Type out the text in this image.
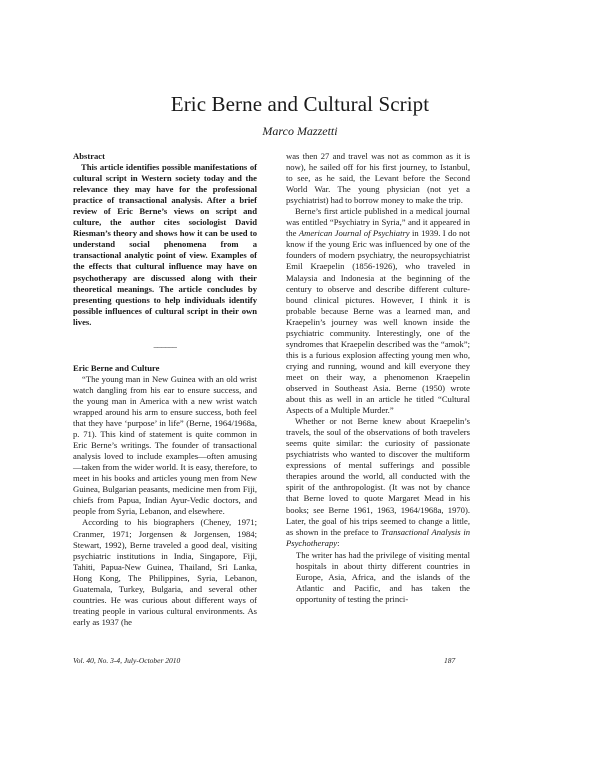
Eric Berne and Cultural Script
Marco Mazzetti

Abstract

This article identifies possible manifestations of cultural script in Western society today and the relevance they may have for the professional practice of transactional analysis. After a brief review of Eric Berne’s views on script and culture, the author cites sociologist David Riesman’s theory and shows how it can be used to understand social phenomena from a transactional analytic point of view. Examples of the effects that cultural influence may have on psychotherapy are discussed along with their theoretical meanings. The article concludes by presenting questions to help individuals identify possible influences of cultural script in their own lives.

______

Eric Berne and Culture

“The young man in New Guinea with an old wrist watch dangling from his ear to ensure success, and the young man in America with a new wrist watch wrapped around his arm to ensure success, both feel that they have ‘purpose’ in life” (Berne, 1964/1968a, p. 71). This kind of statement is quite common in Eric Berne’s writings. The founder of transactional analysis loved to include examples—often amusing—taken from the wider world. It is easy, therefore, to meet in his books and articles young men from New Guinea, Bulgarian peasants, medicine men from Fiji, chiefs from Papua, Indian Ayur-Vedic doctors, and people from Syria, Lebanon, and elsewhere.

According to his biographers (Cheney, 1971; Cranmer, 1971; Jorgensen & Jorgensen, 1984; Stewart, 1992), Berne traveled a good deal, visiting psychiatric institutions in India, Singapore, Fiji, Tahiti, Papua-New Guinea, Thailand, Sri Lanka, Hong Kong, The Philippines, Syria, Lebanon, Guatemala, Turkey, Bulgaria, and several other countries. He was curious about different ways of treating people in various cultural environments. As early as 1937 (he

was then 27 and travel was not as common as it is now), he sailed off for his first journey, to Istanbul, to see, as he said, the Levant before the Second World War. The young physician (not yet a psychiatrist) had to borrow money to make the trip.

Berne’s first article published in a medical journal was entitled “Psychiatry in Syria,” and it appeared in the American Journal of Psychiatry in 1939. I do not know if the young Eric was influenced by one of the founders of modern psychiatry, the neuropsychiatrist Emil Kraepelin (1856-1926), who traveled in Malaysia and Indonesia at the beginning of the century to observe and describe different culture-bound clinical pictures. However, I think it is probable because Berne was a learned man, and Kraepelin’s journey was well known inside the psychiatric community. Interestingly, one of the syndromes that Kraepelin described was the “amok”; this is a furious explosion affecting young men who, crying and running, wound and kill everyone they meet on their way, a phenomenon Kraepelin observed in Southeast Asia. Berne (1950) wrote about this as well in an article he titled “Cultural Aspects of a Multiple Murder.”

Whether or not Berne knew about Kraepelin’s travels, the soul of the observations of both travelers seems quite similar: the curiosity of passionate psychiatrists who wanted to discover the multiform expressions of mental sufferings and possible therapies around the world, all conducted with the spirit of the anthropologist. (It was not by chance that Berne loved to quote Margaret Mead in his books; see Berne 1961, 1963, 1964/1968a, 1970). Later, the goal of his trips seemed to change a little, as shown in the preface to Transactional Analysis in Psychotherapy:

The writer has had the privilege of visiting mental hospitals in about thirty different countries in Europe, Asia, Africa, and the islands of the Atlantic and Pacific, and has taken the opportunity of testing the princi-

Vol. 40, No. 3-4, July-October 2010	187
